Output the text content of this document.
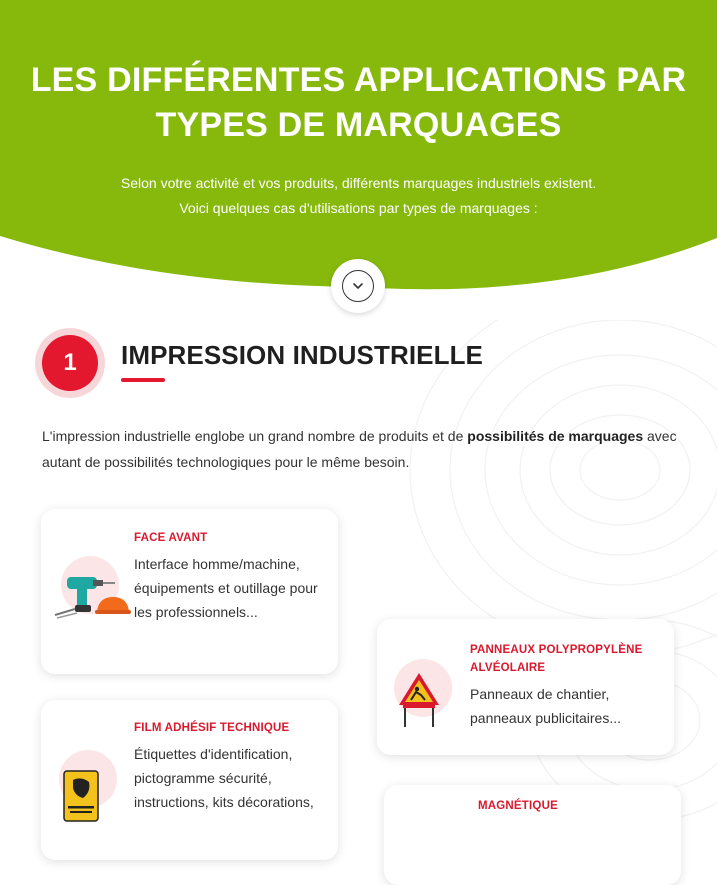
LES DIFFÉRENTES APPLICATIONS PAR
TYPES DE MARQUAGES
Selon votre activité et vos produits, différents marquages industriels existent.
Voici quelques cas d'utilisations par types de marquages :
1	IMPRESSION INDUSTRIELLE
L'impression industrielle englobe un grand nombre de produits et de possibilités de marquages avec autant de possibilités technologiques pour le même besoin.
FACE AVANT
Interface homme/machine,
équipements et outillage pour
les professionnels...
PANNEAUX POLYPROPYLÈNE
ALVÉOLAIRE
Panneaux de chantier,
panneaux publicitaires...
FILM ADHÉSIF TECHNIQUE
Étiquettes d'identification,
pictogramme sécurité,
instructions, kits décorations,	MAGNÉTIQUE
